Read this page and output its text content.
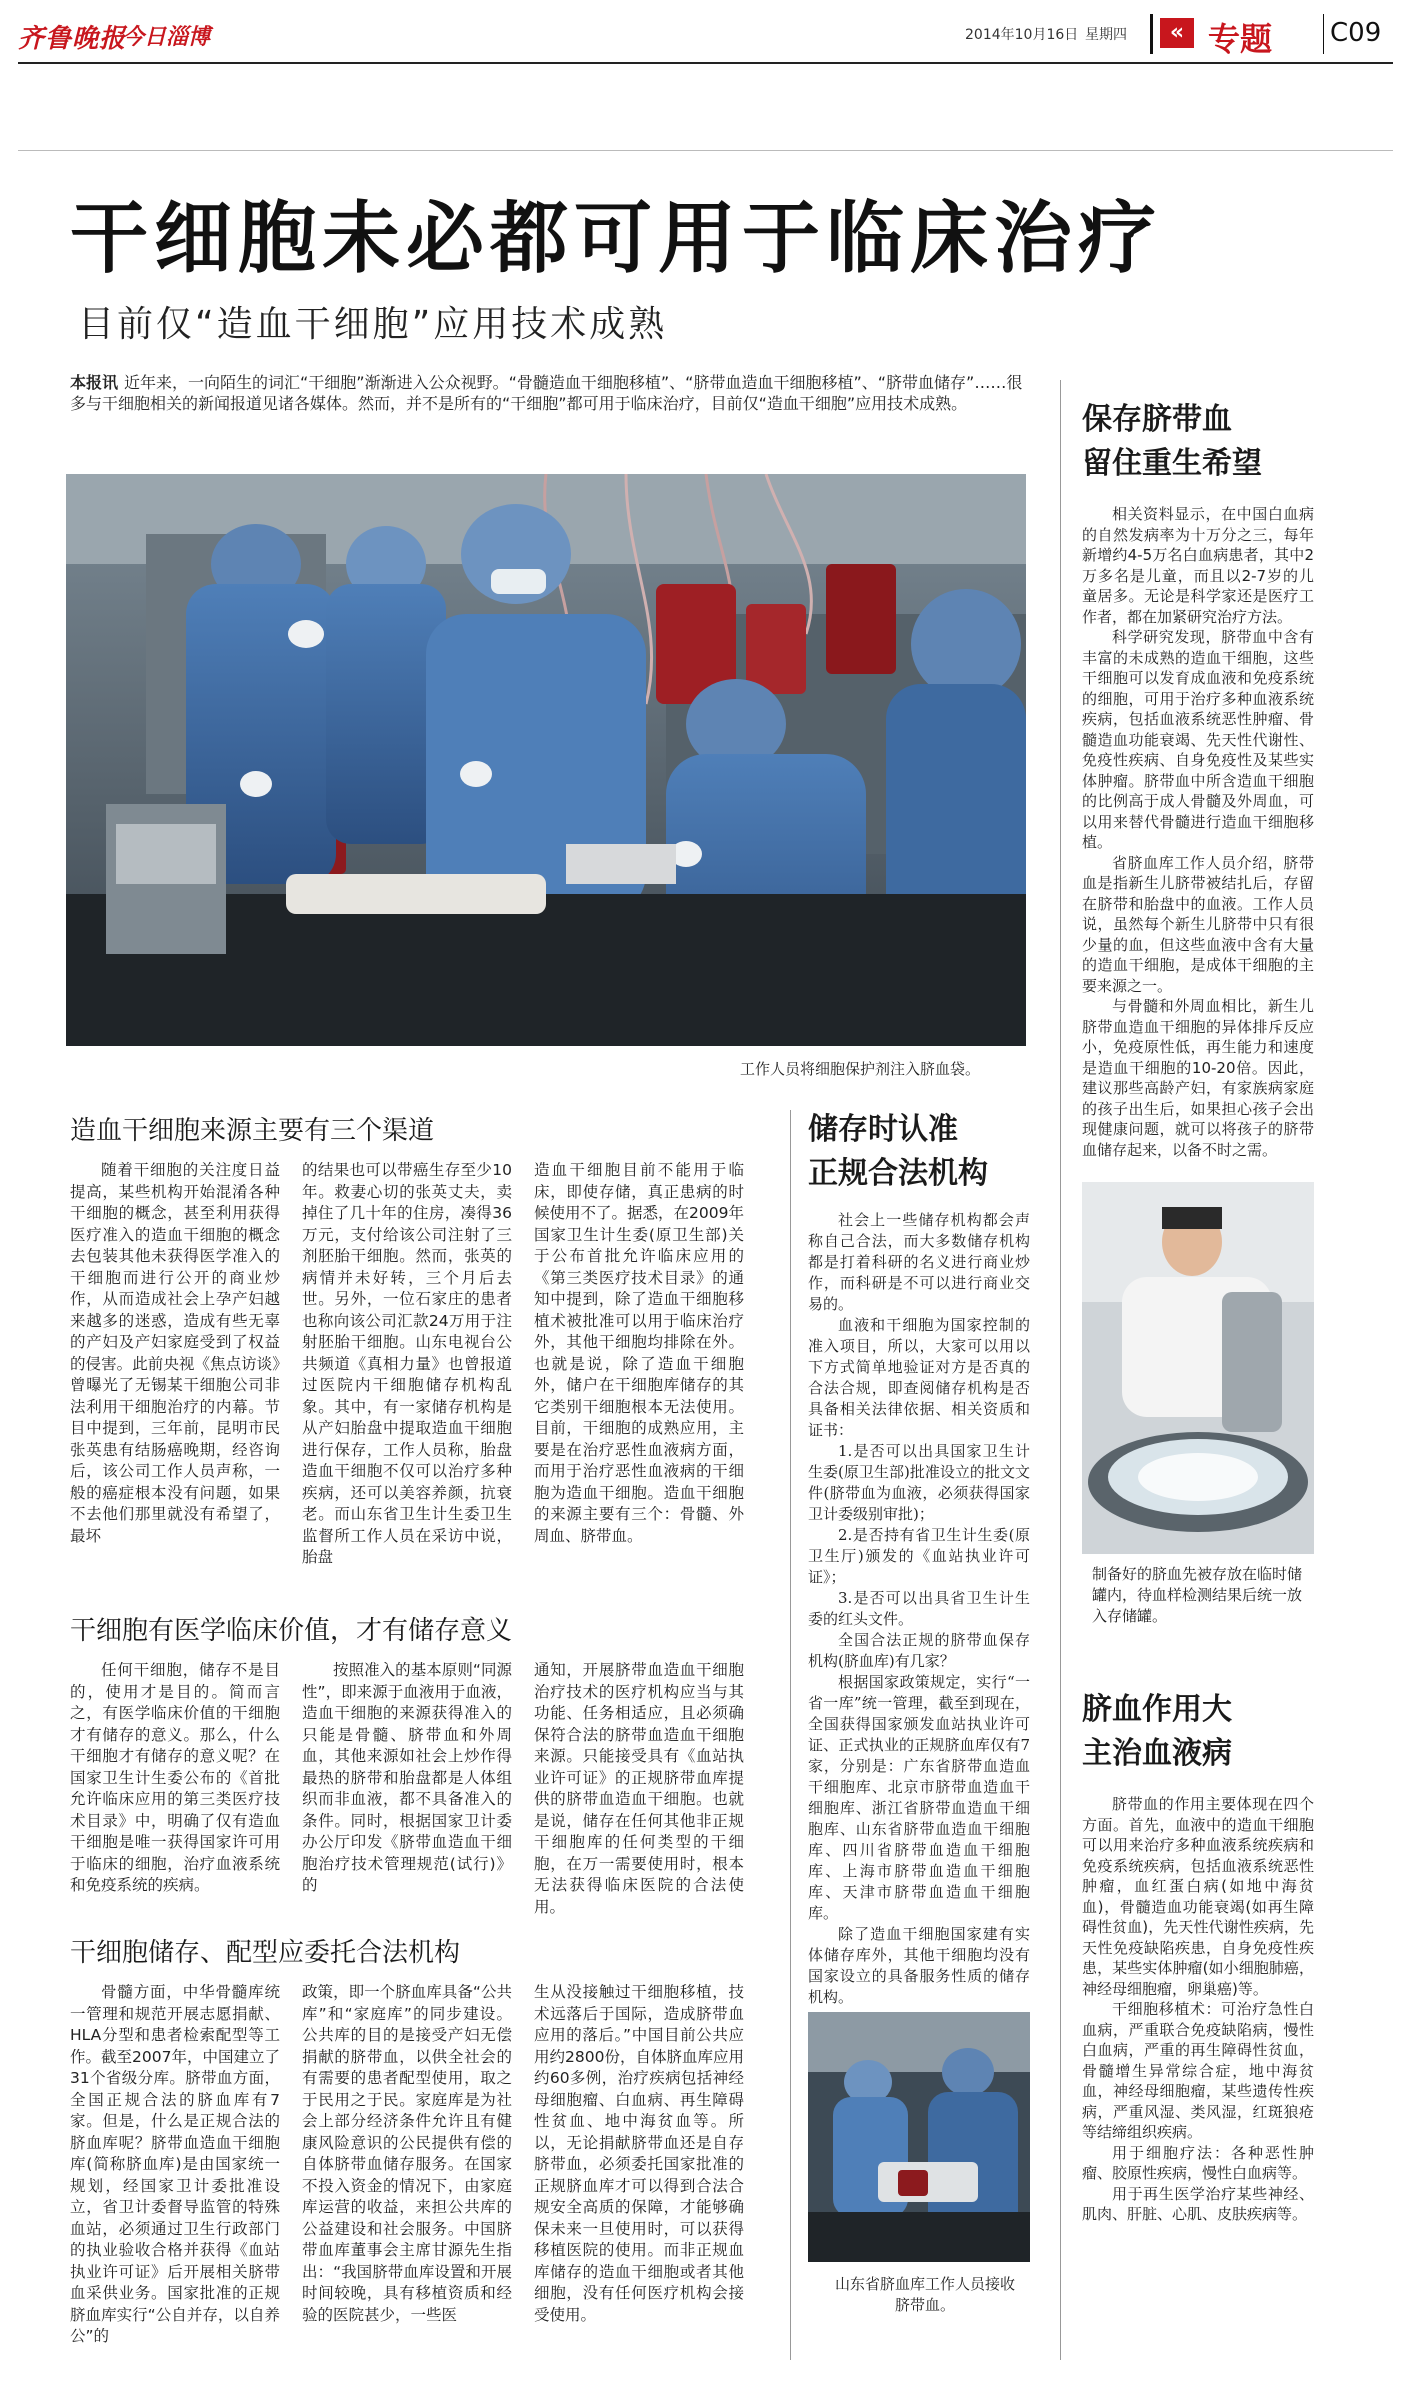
齐鲁晚报
今日淄博	2014年10月16日 星期四	« 专题 C09
干细胞未必都可用于临床治疗
目前仅“造血干细胞”应用技术成熟
本报讯 近年来，一向陌生的词汇“干细胞”渐渐进入公众视野。“骨髓造血干细胞移植”、“脐带血造血干细胞移植”、“脐带血储存”……很多与干细胞相关的新闻报道见诸各媒体。然而，并不是所有的“干细胞”都可用于临床治疗，目前仅“造血干细胞”应用技术成熟。
工作人员将细胞保护剂注入脐血袋。
造血干细胞来源主要有三个渠道

随着干细胞的关注度日益提高，某些机构开始混淆各种干细胞的概念，甚至利用获得医疗准入的造血干细胞的概念去包装其他未获得医学准入的干细胞而进行公开的商业炒作，从而造成社会上孕产妇越来越多的迷惑，造成有些无辜的产妇及产妇家庭受到了权益的侵害。此前央视《焦点访谈》曾曝光了无锡某干细胞公司非法利用干细胞治疗的内幕。节目中提到，三年前，昆明市民张英患有结肠癌晚期，经咨询后，该公司工作人员声称，一般的癌症根本没有问题，如果不去他们那里就没有希望了，最坏

的结果也可以带癌生存至少10年。救妻心切的张英丈夫，卖掉住了几十年的住房，凑得36万元，支付给该公司注射了三剂胚胎干细胞。然而，张英的病情并未好转，三个月后去世。另外，一位石家庄的患者也称向该公司汇款24万用于注射胚胎干细胞。山东电视台公共频道《真相力量》也曾报道过医院内干细胞储存机构乱象。其中，有一家储存机构是从产妇胎盘中提取造血干细胞进行保存，工作人员称，胎盘造血干细胞不仅可以治疗多种疾病，还可以美容养颜，抗衰老。而山东省卫生计生委卫生监督所工作人员在采访中说，胎盘

造血干细胞目前不能用于临床，即使存储，真正患病的时候使用不了。据悉，在2009年国家卫生计生委(原卫生部)关于公布首批允许临床应用的《第三类医疗技术目录》的通知中提到，除了造血干细胞移植术被批准可以用于临床治疗外，其他干细胞均排除在外。也就是说，除了造血干细胞外，储户在干细胞库储存的其它类别干细胞根本无法使用。目前，干细胞的成熟应用，主要是在治疗恶性血液病方面，而用于治疗恶性血液病的干细胞为造血干细胞。造血干细胞的来源主要有三个：骨髓、外周血、脐带血。

干细胞有医学临床价值，才有储存意义

任何干细胞，储存不是目的，使用才是目的。简而言之，有医学临床价值的干细胞才有储存的意义。那么，什么干细胞才有储存的意义呢？在国家卫生计生委公布的《首批允许临床应用的第三类医疗技术目录》中，明确了仅有造血干细胞是唯一获得国家许可用于临床的细胞，治疗血液系统和免疫系统的疾病。

按照准入的基本原则“同源性”，即来源于血液用于血液，造血干细胞的来源获得准入的只能是骨髓、脐带血和外周血，其他来源如社会上炒作得最热的脐带和胎盘都是人体组织而非血液，都不具备准入的条件。同时，根据国家卫计委办公厅印发《脐带血造血干细胞治疗技术管理规范(试行)》的

通知，开展脐带血造血干细胞治疗技术的医疗机构应当与其功能、任务相适应，且必须确保符合法的脐带血造血干细胞来源。只能接受具有《血站执业许可证》的正规脐带血库提供的脐带血造血干细胞。也就是说，储存在任何其他非正规干细胞库的任何类型的干细胞，在万一需要使用时，根本无法获得临床医院的合法使用。

干细胞储存、配型应委托合法机构

骨髓方面，中华骨髓库统一管理和规范开展志愿捐献、HLA分型和患者检索配型等工作。截至2007年，中国建立了31个省级分库。脐带血方面，全国正规合法的脐血库有7家。但是，什么是正规合法的脐血库呢？脐带血造血干细胞库(简称脐血库)是由国家统一规划，经国家卫计委批准设立，省卫计委督导监管的特殊血站，必须通过卫生行政部门的执业验收合格并获得《血站执业许可证》后开展相关脐带血采供业务。国家批准的正规脐血库实行“公自并存，以自养公”的

政策，即一个脐血库具备“公共库”和“家庭库”的同步建设。公共库的目的是接受产妇无偿捐献的脐带血，以供全社会的有需要的患者配型使用，取之于民用之于民。家庭库是为社会上部分经济条件允许且有健康风险意识的公民提供有偿的自体脐带血储存服务。在国家不投入资金的情况下，由家庭库运营的收益，来担公共库的公益建设和社会服务。中国脐带血库董事会主席甘源先生指出：“我国脐带血库设置和开展时间较晚，具有移植资质和经验的医院甚少，一些医

生从没接触过干细胞移植，技术远落后于国际，造成脐带血应用的落后。”中国目前公共应用约2800份，自体脐血库应用约60多例，治疗疾病包括神经母细胞瘤、白血病、再生障碍性贫血、地中海贫血等。所以，无论捐献脐带血还是自存脐带血，必须委托国家批准的正规脐血库才可以得到合法合规安全高质的保障，才能够确保未来一旦使用时，可以获得移植医院的使用。而非正规血库储存的造血干细胞或者其他细胞，没有任何医疗机构会接受使用。

储存时认准
正规合法机构

社会上一些储存机构都会声称自己合法，而大多数储存机构都是打着科研的名义进行商业炒作，而科研是不可以进行商业交易的。

血液和干细胞为国家控制的准入项目，所以，大家可以用以下方式简单地验证对方是否真的合法合规，即查阅储存机构是否具备相关法律依据、相关资质和证书：

1.是否可以出具国家卫生计生委(原卫生部)批准设立的批文文件(脐带血为血液，必须获得国家卫计委级别审批)；

2.是否持有省卫生计生委(原卫生厅)颁发的《血站执业许可证》；

3.是否可以出具省卫生计生委的红头文件。

全国合法正规的脐带血保存机构(脐血库)有几家？

根据国家政策规定，实行“一省一库”统一管理，截至到现在，全国获得国家颁发血站执业许可证、正式执业的正规脐血库仅有7家，分别是：广东省脐带血造血干细胞库、北京市脐带血造血干细胞库、浙江省脐带血造血干细胞库、山东省脐带血造血干细胞库、四川省脐带血造血干细胞库、上海市脐带血造血干细胞库、天津市脐带血造血干细胞库。

除了造血干细胞国家建有实体储存库外，其他干细胞均没有国家设立的具备服务性质的储存机构。

山东省脐血库工作人员接收脐带血。
保存脐带血
留住重生希望

相关资料显示，在中国白血病的自然发病率为十万分之三，每年新增约4-5万名白血病患者，其中2万多名是儿童，而且以2-7岁的儿童居多。无论是科学家还是医疗工作者，都在加紧研究治疗方法。

科学研究发现，脐带血中含有丰富的未成熟的造血干细胞，这些干细胞可以发育成血液和免疫系统的细胞，可用于治疗多种血液系统疾病，包括血液系统恶性肿瘤、骨髓造血功能衰竭、先天性代谢性、免疫性疾病、自身免疫性及某些实体肿瘤。脐带血中所含造血干细胞的比例高于成人骨髓及外周血，可以用来替代骨髓进行造血干细胞移植。

省脐血库工作人员介绍，脐带血是指新生儿脐带被结扎后，存留在脐带和胎盘中的血液。工作人员说，虽然每个新生儿脐带中只有很少量的血，但这些血液中含有大量的造血干细胞，是成体干细胞的主要来源之一。

与骨髓和外周血相比，新生儿脐带血造血干细胞的异体排斥反应小，免疫原性低，再生能力和速度是造血干细胞的10-20倍。因此，建议那些高龄产妇，有家族病家庭的孩子出生后，如果担心孩子会出现健康问题，就可以将孩子的脐带血储存起来，以备不时之需。

制备好的脐血先被存放在临时储罐内，待血样检测结果后统一放入存储罐。
脐血作用大
主治血液病

脐带血的作用主要体现在四个方面。首先，血液中的造血干细胞可以用来治疗多种血液系统疾病和免疫系统疾病，包括血液系统恶性肿瘤，血红蛋白病(如地中海贫血)，骨髓造血功能衰竭(如再生障碍性贫血)，先天性代谢性疾病，先天性免疫缺陷疾患，自身免疫性疾患，某些实体肿瘤(如小细胞肺癌，神经母细胞瘤，卵巢癌)等。

干细胞移植术：可治疗急性白血病，严重联合免疫缺陷病，慢性白血病，严重的再生障碍性贫血，骨髓增生异常综合症，地中海贫血，神经母细胞瘤，某些遗传性疾病，严重风湿、类风湿，红斑狼疮等结缔组织疾病。

用于细胞疗法：各种恶性肿瘤、胶原性疾病，慢性白血病等。

用于再生医学治疗某些神经、肌肉、肝脏、心肌、皮肤疾病等。
